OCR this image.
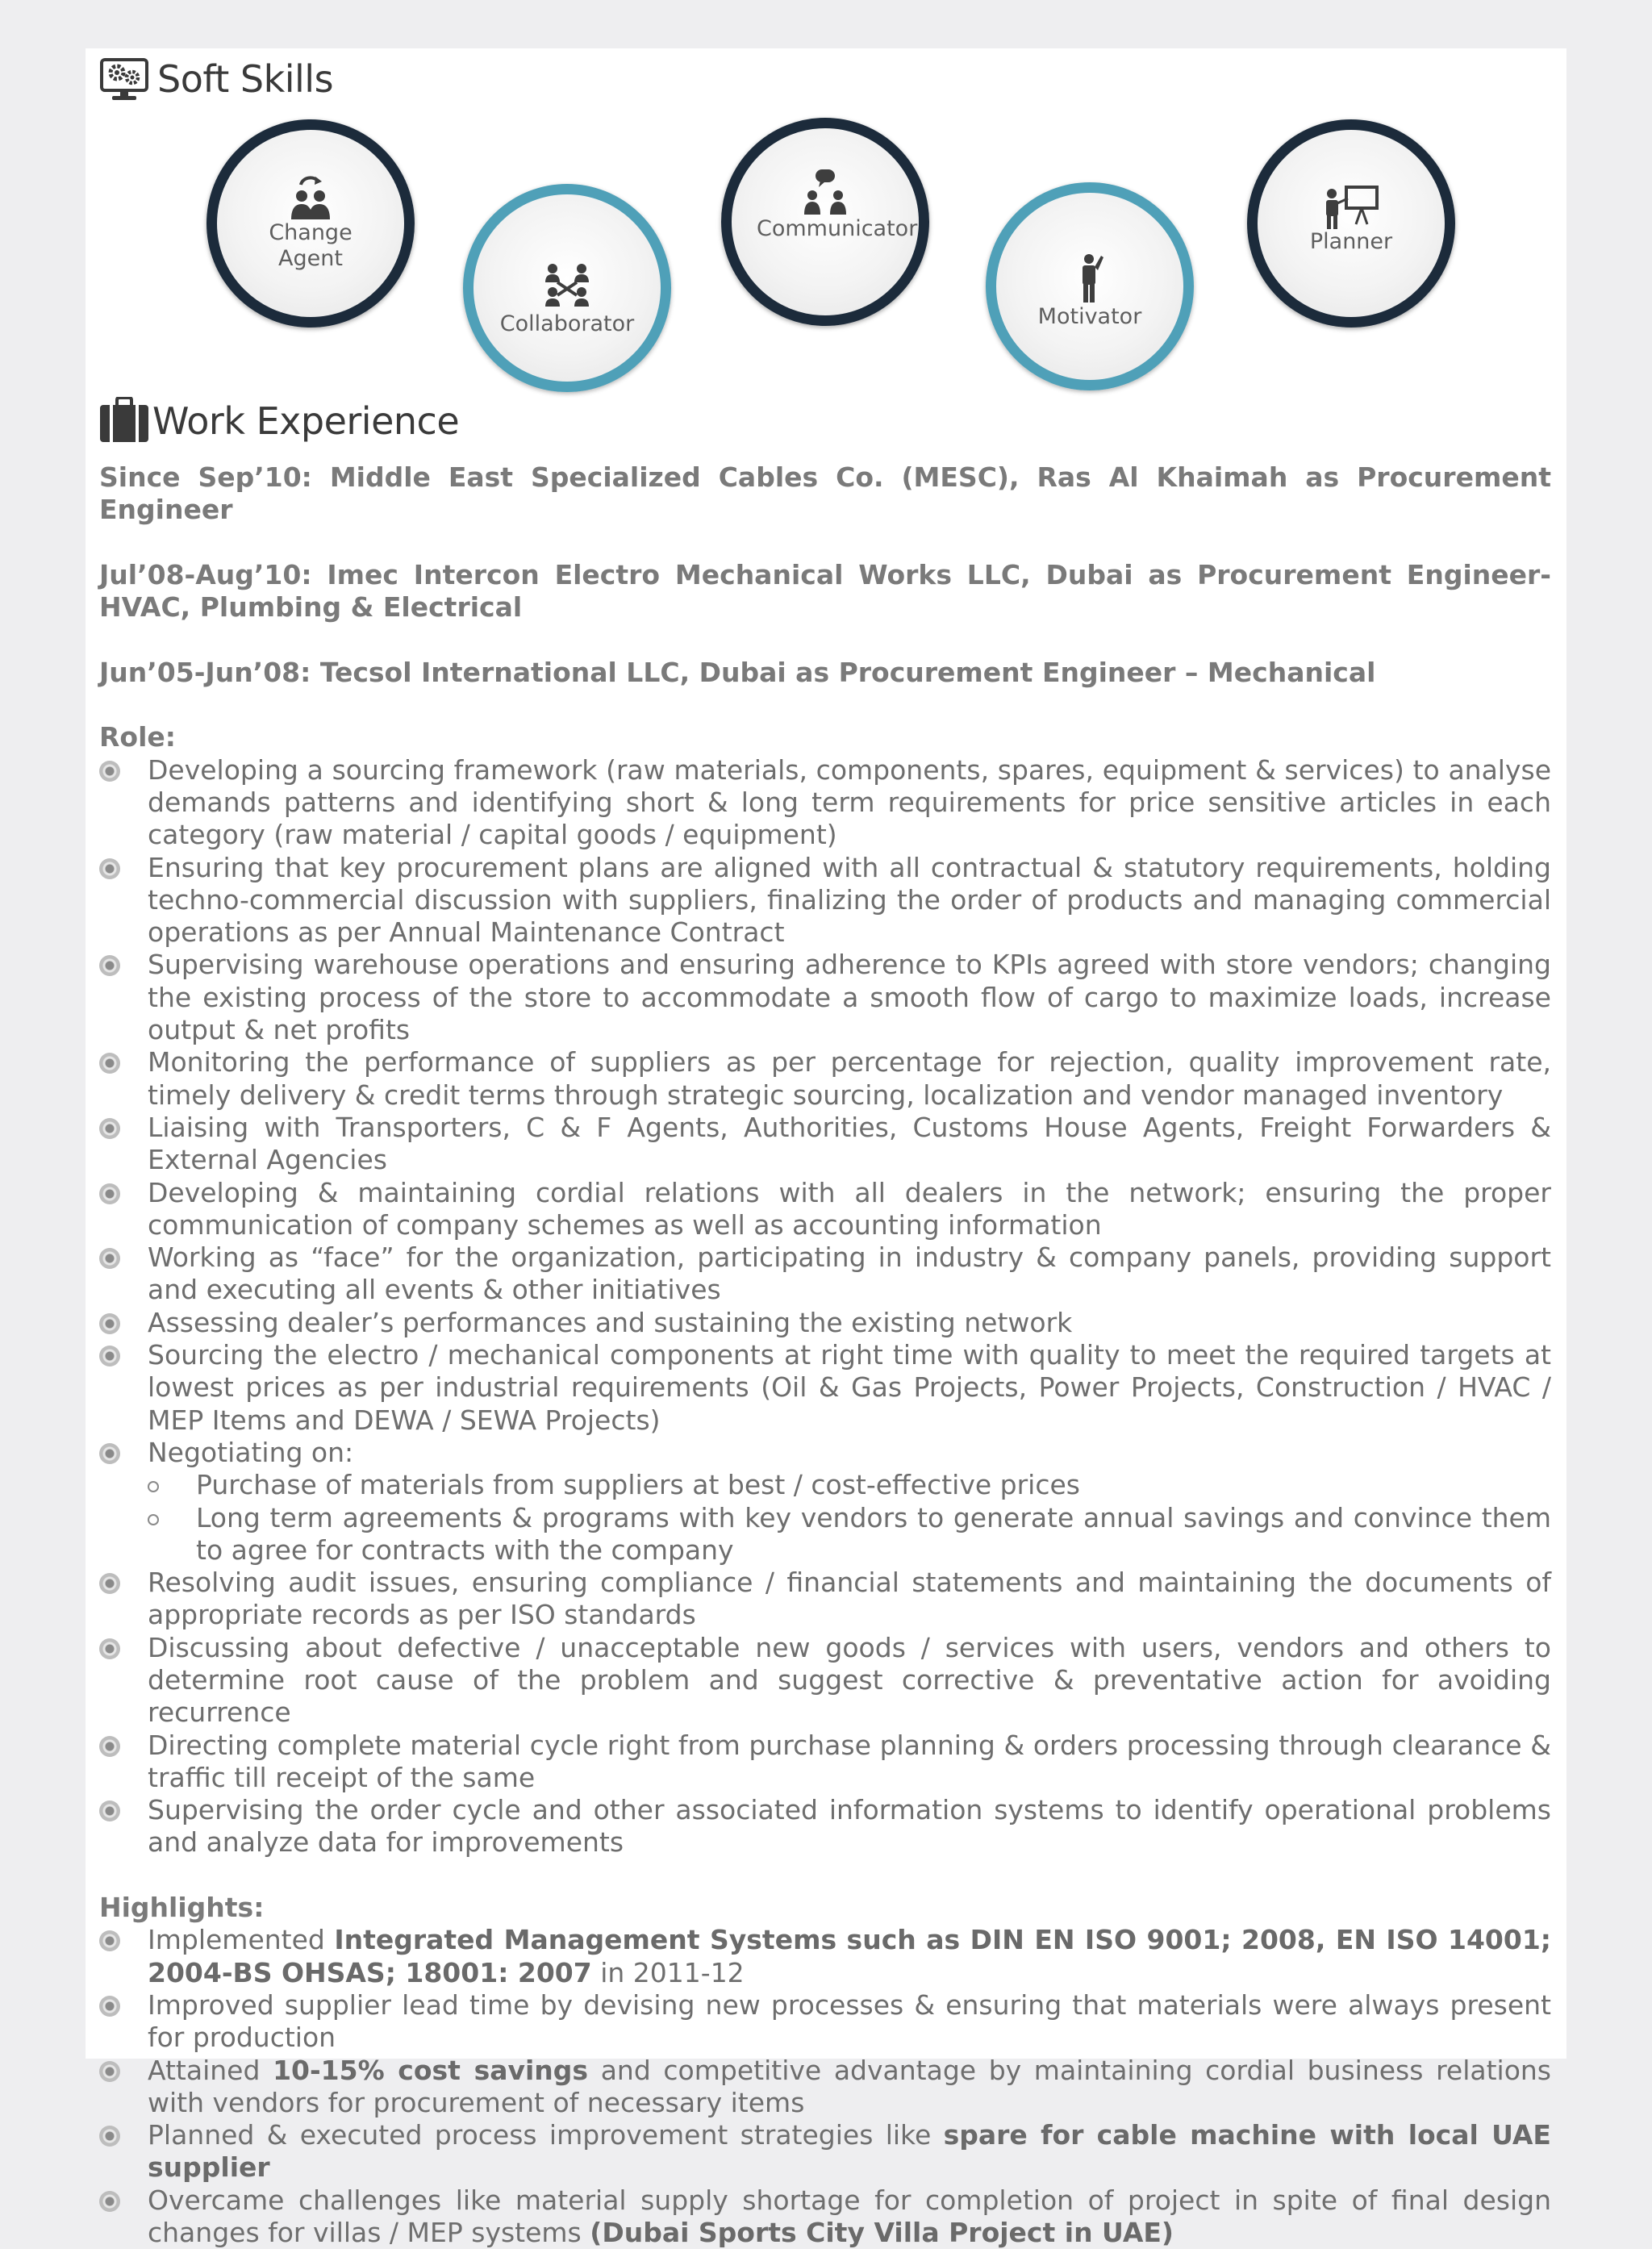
Soft Skills
Change
Agent
Collaborator
Communicator
Motivator
Planner
Work Experience

Since Sep’10: Middle East Specialized Cables Co. (MESC), Ras Al Khaimah as Procurement Engineer

Jul’08-Aug’10: Imec Intercon Electro Mechanical Works LLC, Dubai as Procurement Engineer-HVAC, Plumbing & Electrical

Jun’05-Jun’08: Tecsol International LLC, Dubai as Procurement Engineer – Mechanical

Role:

Developing a sourcing framework (raw materials, components, spares, equipment & services) to analyse demands patterns and identifying short & long term requirements for price sensitive articles in each category (raw material / capital goods / equipment)
Ensuring that key procurement plans are aligned with all contractual & statutory requirements, holding techno-commercial discussion with suppliers, finalizing the order of products and managing commercial operations as per Annual Maintenance Contract
Supervising warehouse operations and ensuring adherence to KPIs agreed with store vendors; changing the existing process of the store to accommodate a smooth flow of cargo to maximize loads, increase output & net profits
Monitoring the performance of suppliers as per percentage for rejection, quality improvement rate, timely delivery & credit terms through strategic sourcing, localization and vendor managed inventory
Liaising with Transporters, C & F Agents, Authorities, Customs House Agents, Freight Forwarders & External Agencies
Developing & maintaining cordial relations with all dealers in the network; ensuring the proper communication of company schemes as well as accounting information
Working as “face” for the organization, participating in industry & company panels, providing support and executing all events & other initiatives
Assessing dealer’s performances and sustaining the existing network
Sourcing the electro / mechanical components at right time with quality to meet the required targets at lowest prices as per industrial requirements (Oil & Gas Projects, Power Projects, Construction / HVAC / MEP Items and DEWA / SEWA Projects)
Negotiating on:
Purchase of materials from suppliers at best / cost-effective prices
Long term agreements & programs with key vendors to generate annual savings and convince them to agree for contracts with the company
Resolving audit issues, ensuring compliance / financial statements and maintaining the documents of appropriate records as per ISO standards
Discussing about defective / unacceptable new goods / services with users, vendors and others to determine root cause of the problem and suggest corrective & preventative action for avoiding recurrence
Directing complete material cycle right from purchase planning & orders processing through clearance & traffic till receipt of the same
Supervising the order cycle and other associated information systems to identify operational problems and analyze data for improvements

Highlights:

Implemented Integrated Management Systems such as DIN EN ISO 9001; 2008, EN ISO 14001; 2004-BS OHSAS; 18001: 2007 in 2011-12
Improved supplier lead time by devising new processes & ensuring that materials were always present for production
Attained 10-15% cost savings and competitive advantage by maintaining cordial business relations with vendors for procurement of necessary items
Planned & executed process improvement strategies like spare for cable machine with local UAE supplier
Overcame challenges like material supply shortage for completion of project in spite of final design changes for villas / MEP systems (Dubai Sports City Villa Project in UAE)
